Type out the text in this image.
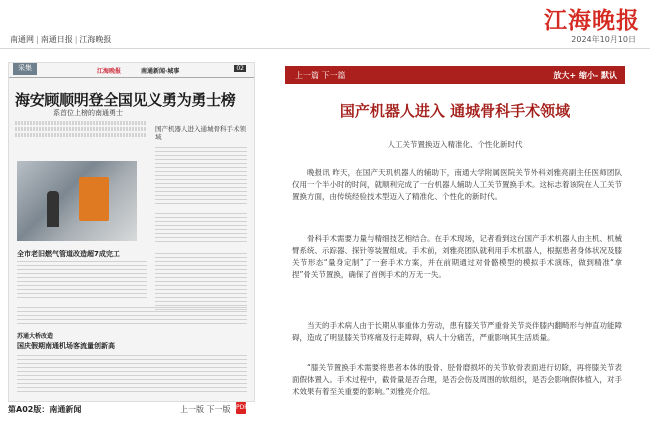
江海晚报
南通网 | 南通日报 | 江海晚报	2024年10月10日
采集	江海晚报	南通新闻·城事	02
海安顾顺明登全国见义勇为勇士榜
系首位上榜的南通勇士
国产机器人进入通城骨科手术领域
全市老旧燃气管道改造超7成完工
苏通大桥改造
国庆假期南通机场客流量创新高
第A02版：南通新闻	上一版 下一版 PDF
上一篇 下一篇	放大+ 缩小- 默认
国产机器人进入 通城骨科手术领域
人工关节置换迈入精准化、个性化新时代
晚报讯 昨天，在国产天玑机器人的辅助下，南通大学附属医院关节外科刘雅亮副主任医师团队仅用一个半小时的时间，就顺利完成了一台机器人辅助人工关节置换手术。这标志着该院在人工关节置换方面，由传统经验技术型迈入了精准化、个性化的新时代。
骨科手术需要力量与精细技艺相结合。在手术现场，记者看到这台国产手术机器人由主机、机械臂系统、示踪器、探针等装置组成。手术前，刘雅亮团队就利用手术机器人，根据患者身体状况及膝关节形态“量身定制”了一套手术方案，并在前期通过对骨骼模型的模拟手术演练，做到精准“拿捏”骨关节置换，确保了首例手术的万无一失。
当天的手术病人由于长期从事重体力劳动，患有膝关节严重骨关节炎伴膝内翻畸形与伸直功能障碍，造成了明显膝关节疼痛及行走障碍，病人十分痛苦，严重影响其生活质量。
“膝关节置换手术需要将患者本体的股骨、胫骨磨损坏的关节软骨表面进行切除，再将膝关节表面假体置入。手术过程中，截骨量是否合理，是否会伤及周围的软组织，是否会影响假体植入，对手术效果有着至关重要的影响。”刘雅亮介绍。
